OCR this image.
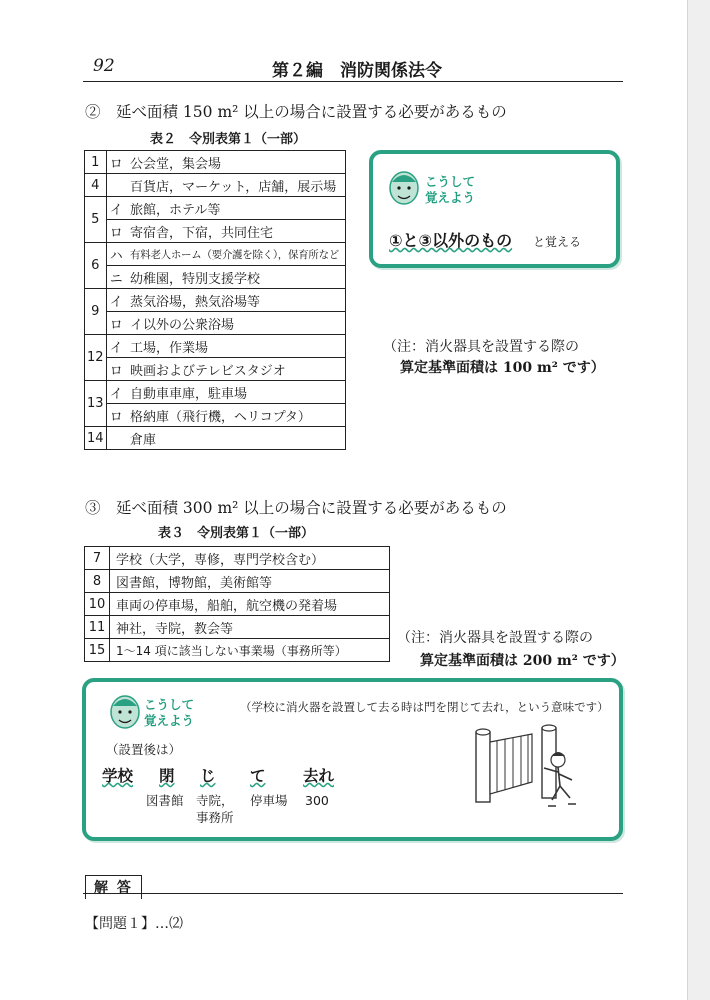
92	第２編　消防関係法令
②　延べ面積 150 m² 以上の場合に設置する必要があるもの
表２　令別表第１（一部）
1	ロ	公会堂，集会場
4		百貨店，マーケット，店舗，展示場
5	イ	旅館，ホテル等
	ロ	寄宿舎，下宿，共同住宅
6	ハ	有料老人ホーム（要介護を除く），保育所など
	ニ	幼稚園，特別支援学校
9	イ	蒸気浴場，熱気浴場等
	ロ	イ以外の公衆浴場
12	イ	工場，作業場
	ロ	映画およびテレビスタジオ
13	イ	自動車車庫，駐車場
	ロ	格納庫（飛行機，ヘリコプタ）
14		倉庫
こうして
覚えよう
①と③以外のもの と覚える
（注：消火器具を設置する際の
算定基準面積は 100 m² です）
③　延べ面積 300 m² 以上の場合に設置する必要があるもの
表３　令別表第１（一部）
7	学校（大学，専修，専門学校含む）
8	図書館，博物館，美術館等
10	車両の停車場，船舶，航空機の発着場
11	神社，寺院，教会等
15	1～14 項に該当しない事業場（事務所等）
（注：消火器具を設置する際の
算定基準面積は 200 m² です）
こうして
覚えよう
（学校に消火器を設置して去る時は門を閉じて去れ，という意味です）
（設置後は）
学校 閉 じ て 去れ
図書館 寺院，
事務所
停車場 300
解 答
【問題１】…⑵
